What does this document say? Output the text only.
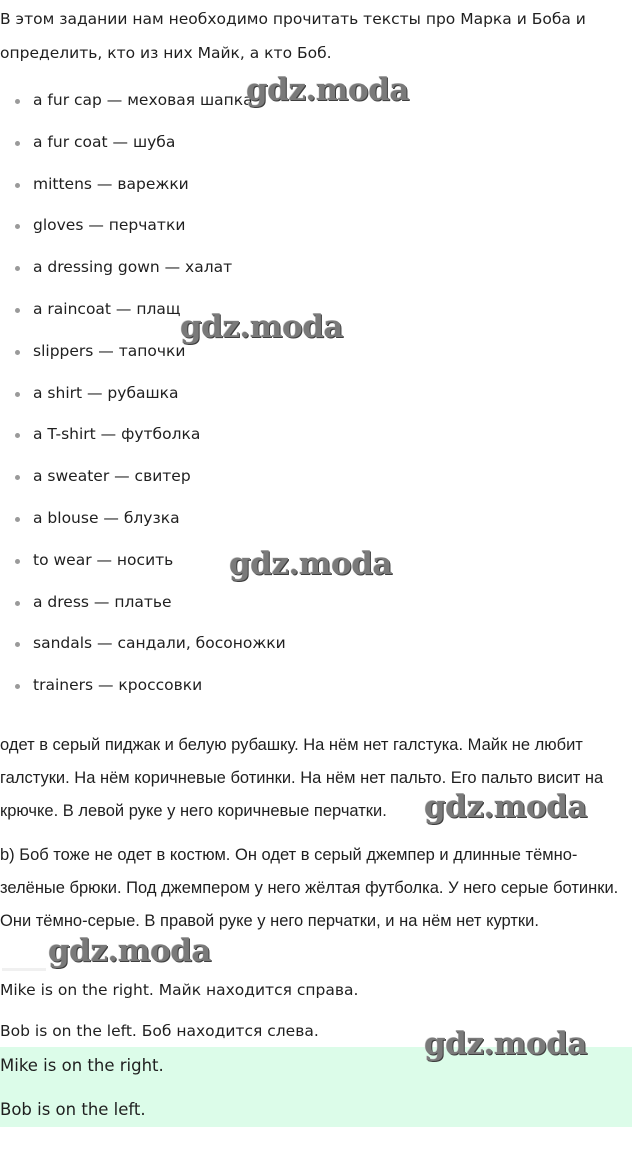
В этом задании нам необходимо прочитать тексты про Марка и Боба и определить, кто из них Майк, а кто Боб.

a fur cap — меховая шапка
a fur coat — шуба
mittens — варежки
gloves — перчатки
a dressing gown — халат
a raincoat — плащ
slippers — тапочки
a shirt — рубашка
a T-shirt — футболка
a sweater — свитер
a blouse — блузка
to wear — носить
a dress — платье
sandals — сандали, босоножки
trainers — кроссовки

одет в серый пиджак и белую рубашку. На нём нет галстука. Майк не любит галстуки. На нём коричневые ботинки. На нём нет пальто. Его пальто висит на крючке. В левой руке у него коричневые перчатки.

b) Боб тоже не одет в костюм. Он одет в серый джемпер и длинные тёмно-зелёные брюки. Под джемпером у него жёлтая футболка. У него серые ботинки. Они тёмно-серые. В правой руке у него перчатки, и на нём нет куртки.

Mike is on the right. Майк находится справа.
Bob is on the left. Боб находится слева.

Mike is on the right.

Bob is on the left.

gdz.moda
gdz.moda
gdz.moda
gdz.moda
gdz.moda
gdz.moda
